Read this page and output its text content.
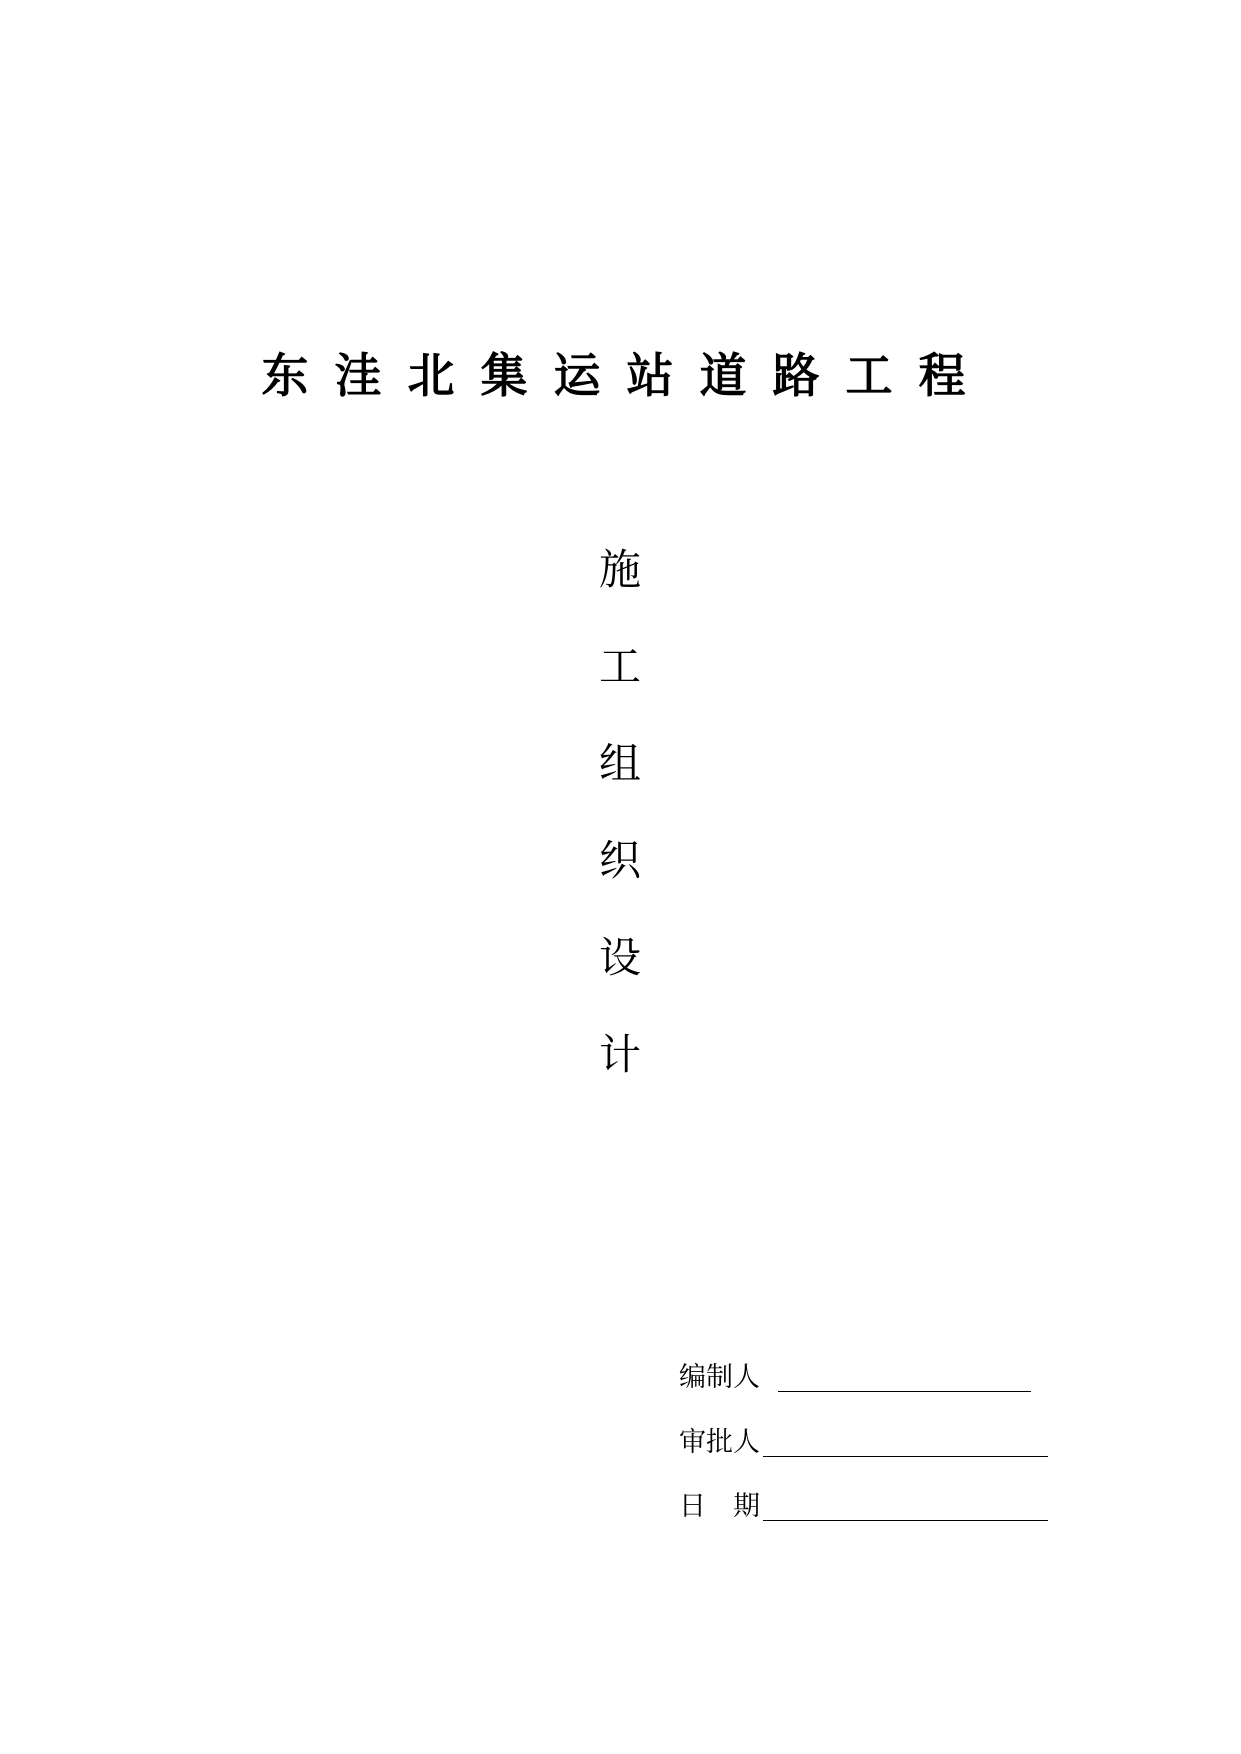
东 洼 北 集 运 站 道 路 工 程
施
工
组
织
设
计
编制人
审批人
日　期
